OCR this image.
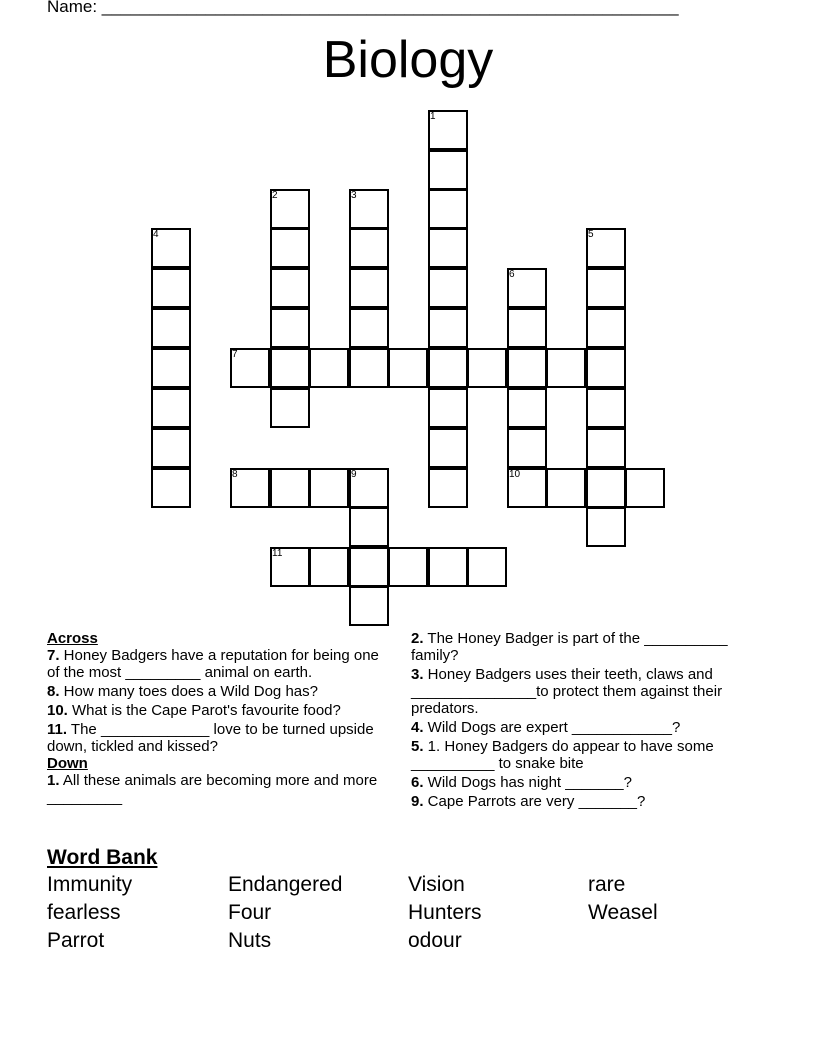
Name: _____________________________________________________________
Biology
1
2	3
4	5
6
7
8	9	10
11
Across
7. Honey Badgers have a reputation for being one of the most _________ animal on earth.
8. How many toes does a Wild Dog has?
10. What is the Cape Parot's favourite food?
11. The _____________ love to be turned upside down, tickled and kissed?
Down
1. All these animals are becoming more and more _________
2. The Honey Badger is part of the __________ family?
3. Honey Badgers uses their teeth, claws and _______________to protect them against their predators.
4. Wild Dogs are expert ____________?
5. 1. Honey Badgers do appear to have some __________ to snake bite
6. Wild Dogs has night _______?
9. Cape Parrots are very _______?
Word Bank
Immunity	Endangered	Vision	rare
fearless	Four	Hunters	Weasel
Parrot	Nuts	odour
